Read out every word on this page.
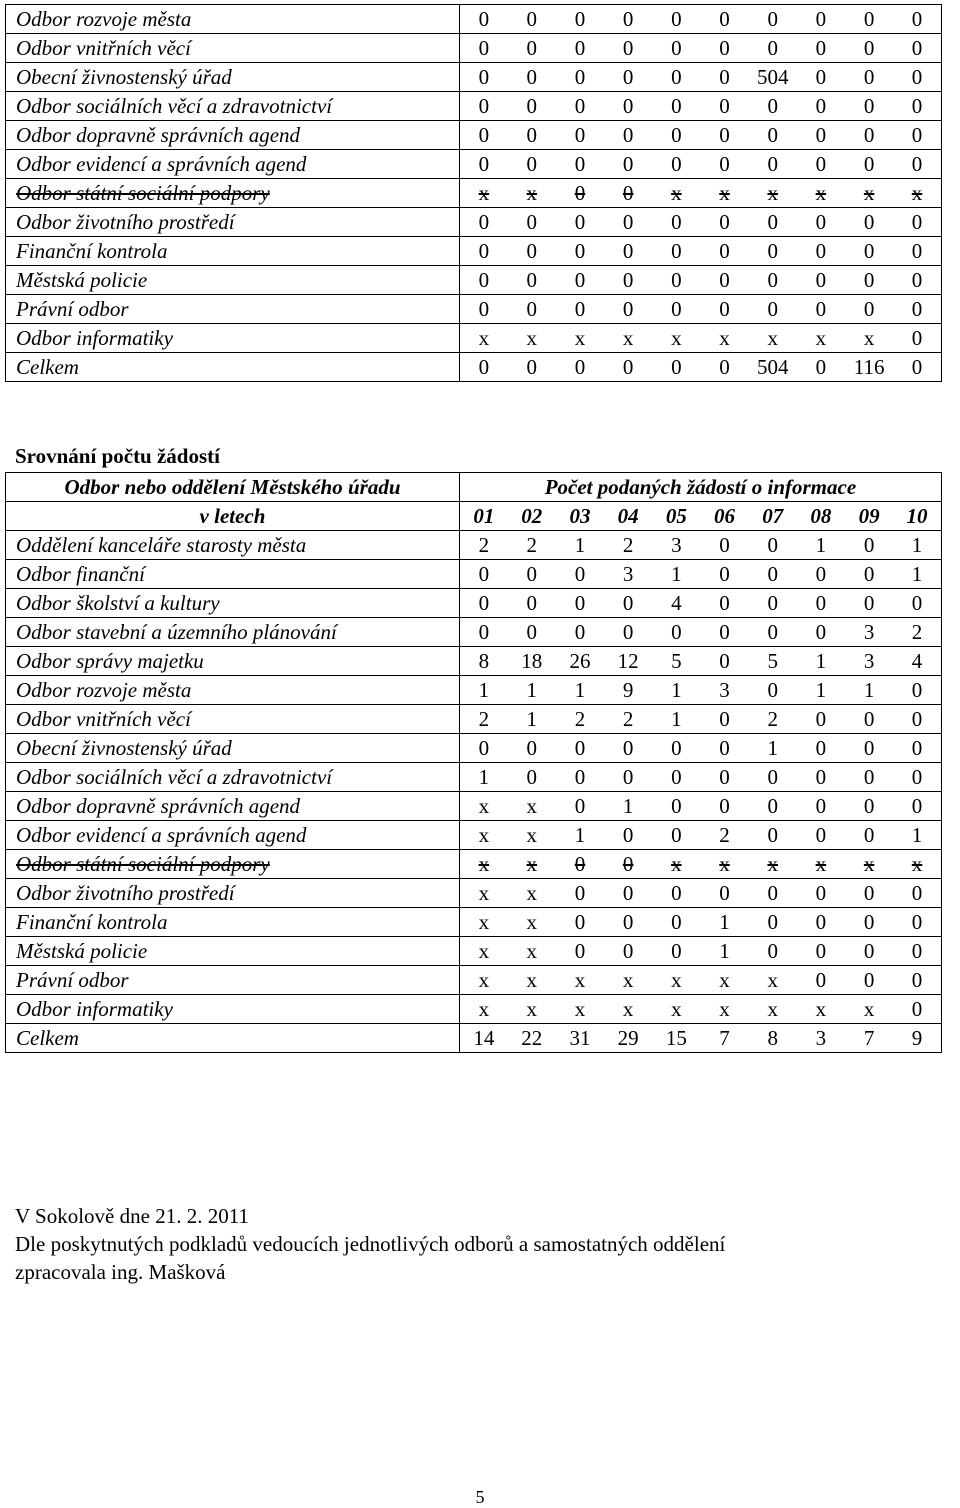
Odbor rozvoje města	0	0	0	0	0	0	0	0	0	0
Odbor vnitřních věcí	0	0	0	0	0	0	0	0	0	0
Obecní živnostenský úřad	0	0	0	0	0	0	504	0	0	0
Odbor sociálních věcí a zdravotnictví	0	0	0	0	0	0	0	0	0	0
Odbor dopravně správních agend	0	0	0	0	0	0	0	0	0	0
Odbor evidencí a správních agend	0	0	0	0	0	0	0	0	0	0
Odbor státní sociální podpory	x	x	0	0	x	x	x	x	x	x
Odbor životního prostředí	0	0	0	0	0	0	0	0	0	0
Finanční kontrola	0	0	0	0	0	0	0	0	0	0
Městská policie	0	0	0	0	0	0	0	0	0	0
Právní odbor	0	0	0	0	0	0	0	0	0	0
Odbor informatiky	x	x	x	x	x	x	x	x	x	0
Celkem	0	0	0	0	0	0	504	0	116	0
Srovnání počtu žádostí
Odbor nebo oddělení Městského úřadu	Počet podaných žádostí o informace									
v letech	01	02	03	04	05	06	07	08	09	10
Oddělení kanceláře starosty města	2	2	1	2	3	0	0	1	0	1
Odbor finanční	0	0	0	3	1	0	0	0	0	1
Odbor školství a kultury	0	0	0	0	4	0	0	0	0	0
Odbor stavební a územního plánování	0	0	0	0	0	0	0	0	3	2
Odbor správy majetku	8	18	26	12	5	0	5	1	3	4
Odbor rozvoje města	1	1	1	9	1	3	0	1	1	0
Odbor vnitřních věcí	2	1	2	2	1	0	2	0	0	0
Obecní živnostenský úřad	0	0	0	0	0	0	1	0	0	0
Odbor sociálních věcí a zdravotnictví	1	0	0	0	0	0	0	0	0	0
Odbor dopravně správních agend	x	x	0	1	0	0	0	0	0	0
Odbor evidencí a správních agend	x	x	1	0	0	2	0	0	0	1
Odbor státní sociální podpory	x	x	0	0	x	x	x	x	x	x
Odbor životního prostředí	x	x	0	0	0	0	0	0	0	0
Finanční kontrola	x	x	0	0	0	1	0	0	0	0
Městská policie	x	x	0	0	0	1	0	0	0	0
Právní odbor	x	x	x	x	x	x	x	0	0	0
Odbor informatiky	x	x	x	x	x	x	x	x	x	0
Celkem	14	22	31	29	15	7	8	3	7	9
V Sokolově dne 21. 2. 2011
Dle poskytnutých podkladů vedoucích jednotlivých odborů a samostatných oddělení
zpracovala ing. Mašková
5
